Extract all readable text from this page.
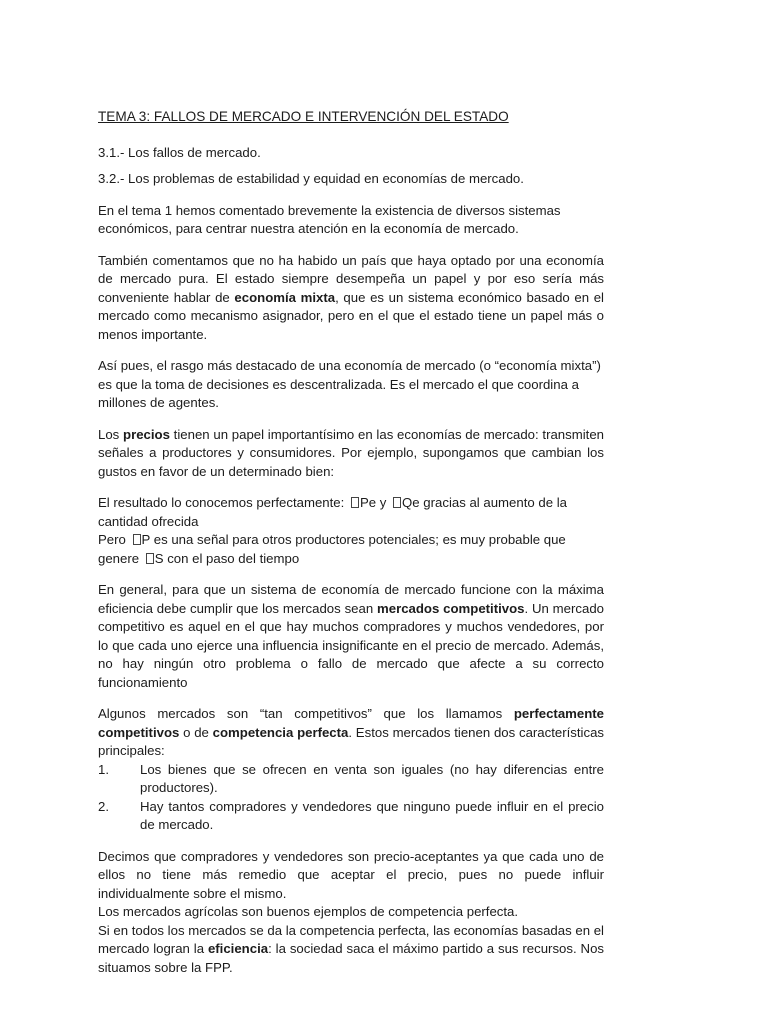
TEMA 3: FALLOS DE MERCADO E INTERVENCIÓN DEL ESTADO
3.1.- Los fallos de mercado.
3.2.- Los problemas de estabilidad y equidad en economías de mercado.
En el tema 1 hemos comentado brevemente la existencia de diversos sistemas económicos, para centrar nuestra atención en la economía de mercado.
También comentamos que no ha habido un país que haya optado por una economía de mercado pura. El estado siempre desempeña un papel y por eso sería más conveniente hablar de economía mixta, que es un sistema económico basado en el mercado como mecanismo asignador, pero en el que el estado tiene un papel más o menos importante.
Así pues, el rasgo más destacado de una economía de mercado (o “economía mixta”) es que la toma de decisiones es descentralizada. Es el mercado el que coordina a millones de agentes.
Los precios tienen un papel importantísimo en las economías de mercado: transmiten señales a productores y consumidores. Por ejemplo, supongamos que cambian los gustos en favor de un determinado bien:
El resultado lo conocemos perfectamente: Pe y Qe gracias al aumento de la
cantidad ofrecida
Pero P es una señal para otros productores potenciales; es muy probable que
genere S con el paso del tiempo
En general, para que un sistema de economía de mercado funcione con la máxima eficiencia debe cumplir que los mercados sean mercados competitivos. Un mercado competitivo es aquel en el que hay muchos compradores y muchos vendedores, por lo que cada uno ejerce una influencia insignificante en el precio de mercado. Además, no hay ningún otro problema o fallo de mercado que afecte a su correcto funcionamiento
Algunos mercados son “tan competitivos” que los llamamos perfectamente competitivos o de competencia perfecta. Estos mercados tienen dos características principales:
1.	Los bienes que se ofrecen en venta son iguales (no hay diferencias entre productores).
2.	Hay tantos compradores y vendedores que ninguno puede influir en el precio de mercado.
Decimos que compradores y vendedores son precio-aceptantes ya que cada uno de ellos no tiene más remedio que aceptar el precio, pues no puede influir individualmente sobre el mismo.
Los mercados agrícolas son buenos ejemplos de competencia perfecta.
Si en todos los mercados se da la competencia perfecta, las economías basadas en el mercado logran la eficiencia: la sociedad saca el máximo partido a sus recursos. Nos situamos sobre la FPP.
